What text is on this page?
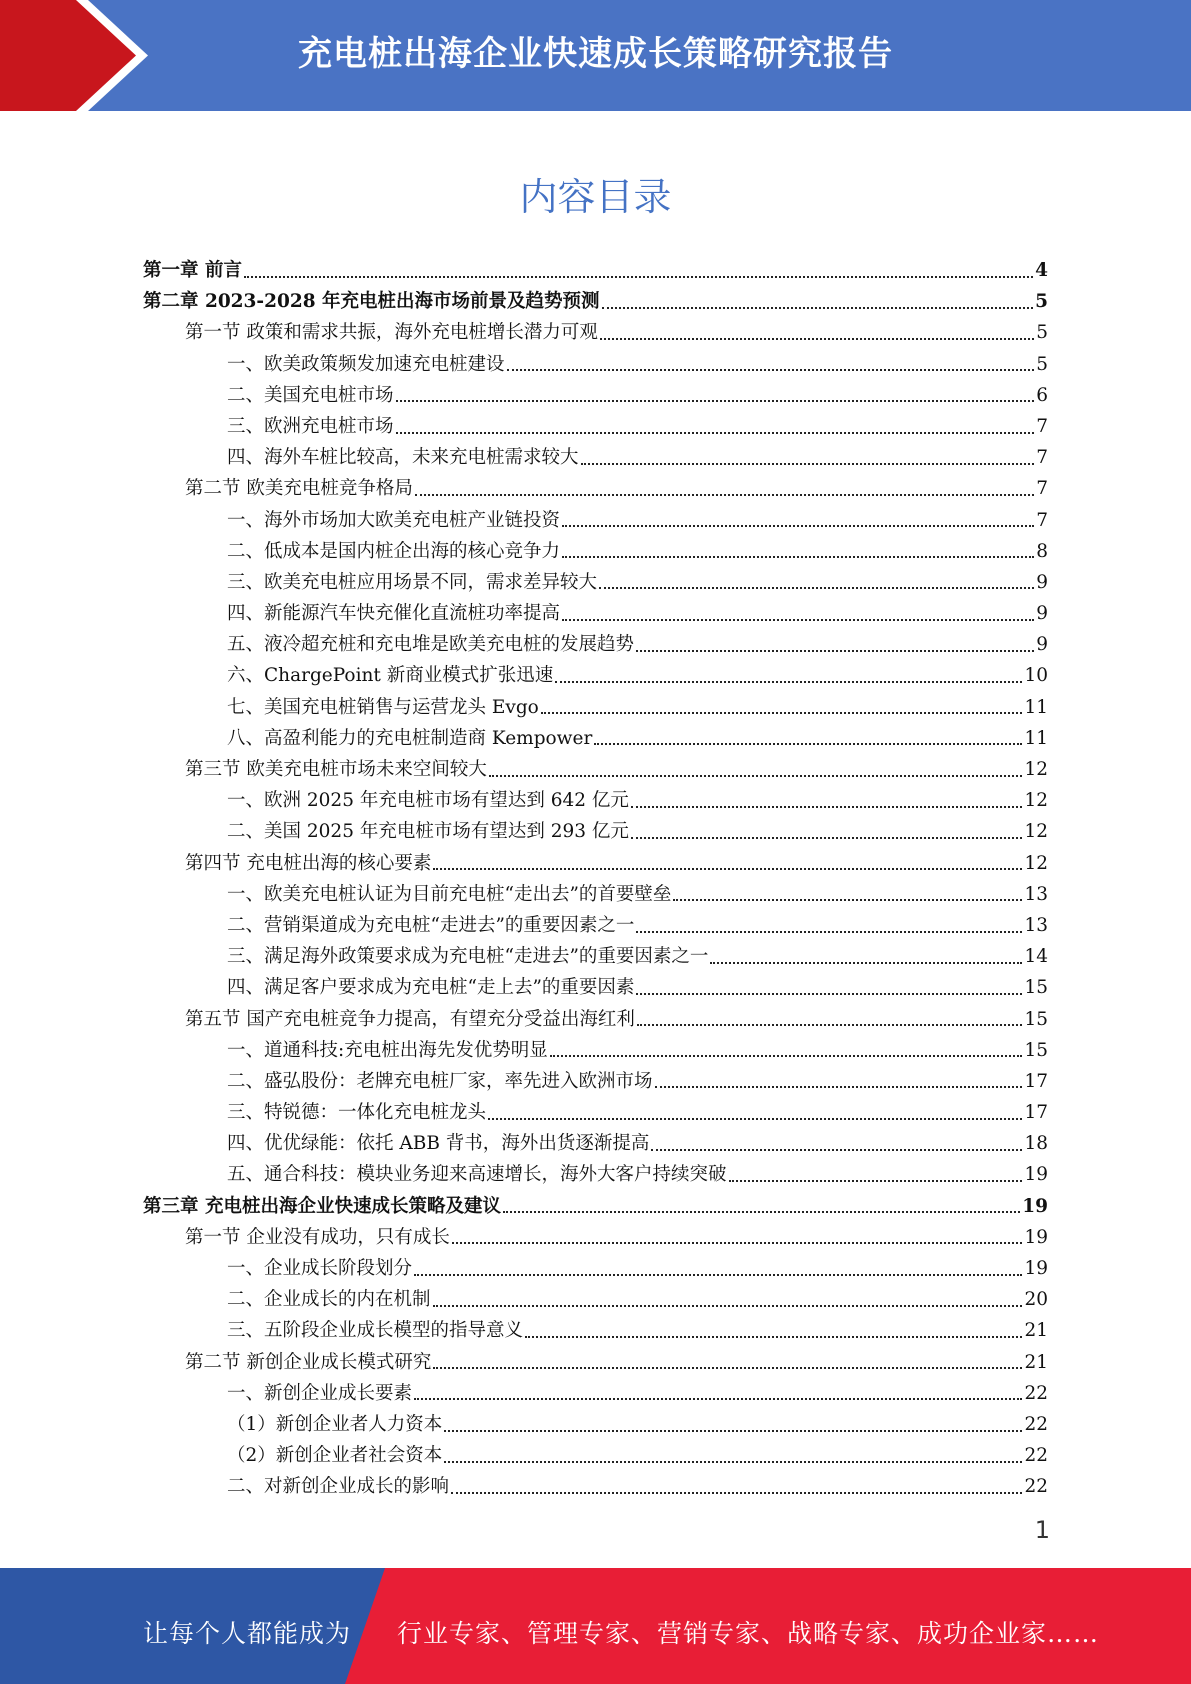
充电桩出海企业快速成长策略研究报告
内容目录
第一章 前言	4
第二章 2023-2028 年充电桩出海市场前景及趋势预测	5
第一节 政策和需求共振，海外充电桩增长潜力可观	5
一、欧美政策频发加速充电桩建设	5
二、美国充电桩市场	6
三、欧洲充电桩市场	7
四、海外车桩比较高，未来充电桩需求较大	7
第二节 欧美充电桩竞争格局	7
一、海外市场加大欧美充电桩产业链投资	7
二、低成本是国内桩企出海的核心竞争力	8
三、欧美充电桩应用场景不同，需求差异较大	9
四、新能源汽车快充催化直流桩功率提高	9
五、液冷超充桩和充电堆是欧美充电桩的发展趋势	9
六、ChargePoint 新商业模式扩张迅速	10
七、美国充电桩销售与运营龙头 Evgo	11
八、高盈利能力的充电桩制造商 Kempower	11
第三节 欧美充电桩市场未来空间较大	12
一、欧洲 2025 年充电桩市场有望达到 642 亿元	12
二、美国 2025 年充电桩市场有望达到 293 亿元	12
第四节 充电桩出海的核心要素	12
一、欧美充电桩认证为目前充电桩“走出去”的首要壁垒	13
二、营销渠道成为充电桩“走进去”的重要因素之一	13
三、满足海外政策要求成为充电桩“走进去”的重要因素之一	14
四、满足客户要求成为充电桩“走上去”的重要因素	15
第五节 国产充电桩竞争力提高，有望充分受益出海红利	15
一、道通科技:充电桩出海先发优势明显	15
二、盛弘股份：老牌充电桩厂家，率先进入欧洲市场	17
三、特锐德：一体化充电桩龙头	17
四、优优绿能：依托 ABB 背书，海外出货逐渐提高	18
五、通合科技：模块业务迎来高速增长，海外大客户持续突破	19
第三章 充电桩出海企业快速成长策略及建议	19
第一节 企业没有成功，只有成长	19
一、企业成长阶段划分	19
二、企业成长的内在机制	20
三、五阶段企业成长模型的指导意义	21
第二节 新创企业成长模式研究	21
一、新创企业成长要素	22
（1）新创企业者人力资本	22
（2）新创企业者社会资本	22
二、对新创企业成长的影响	22
1
让每个人都能成为 行业专家、管理专家、营销专家、战略专家、成功企业家……
